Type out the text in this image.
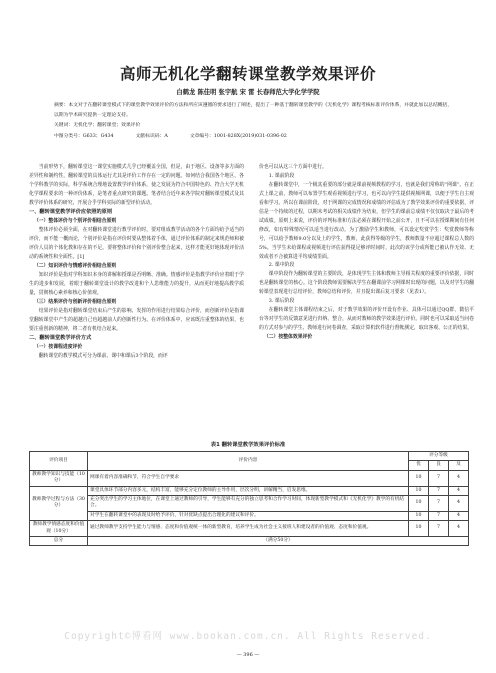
高师无机化学翻转课堂教学效果评价
白鹤龙 陈佳明 张宇航 宋 雷 长春师范大学化学学院

摘要：本文对于在翻转课堂模式下的课堂教学效果评价的方法和所应该遵循的要求进行了阐述，提出了一种基于翻转课堂教学的《无机化学》课程考核标准评价体系，并就此加以总结概括，以期为学术研究提供一定理论支持。

关键词：无机化学；翻转课堂；效果评价

中图分类号：G633；G434	文献标识码：A	文章编号：1001-828X(2019)031-0396-02

当前形势下，翻转课堂这一课堂实施模式几乎已经覆盖全国，但是，由于地区、设备等多方面的差异性和制约性，翻转课堂的具体运行尤其是评价工作存在一定的问题。如何结合我国各个地区、各个学科教学的实际，科学系统合理地设置教学评价体系，使之发展为符合中国特色的、符合大学无机化学课程要求的一种评价体系，是笔者重点研究的课题。笔者结合近年来各学院对翻转课堂模式及其教学评价体系的研究，开展合乎学科实际的新型评价活动。

一、翻转课堂教学评价应依照的原则
（一）整体评价与个别评价相结合原则

整体评价必须全面，在对翻转课堂进行教学评价时，要对组成教学活动的各个方面均给予适当的评价，而不能一概而论，个别评价是指在评价时要从整体着手体，通过评价体系的制定来规范师和被评价人员的个体化教和存在的不足。要将整体评价和个别评价整合起来，这样才能更好地体现评价活动的系统性和全面性。[1]

（二）知识评价与情感评价相结合原则

知识评价是指对学科知识本身的讲解和授课是否明晰、准确。情感评价是指教学评价应着眼于学生的进步和发展，着眼于翻转课堂设计的教学改进和个人思维能力的提升，从而更好地提高教学质量，贯彻核心素养和核心价值观。

（三）结果评价与创新评价相结合原则

结果评价是指对翻转课堂结束后产生的影响、发挥的作用进行结果综合评价，而创新评价是指课堂翻转课堂中产生的超越自己也超越前人的创新性行为。在评价体系中，应该既注重整体的结果，也要注重创新的精神，将二者有机结合起来。

二、翻转课堂教学评价方式
（一）按课程进度评价

翻转课堂的教学模式可分为课前、课中和课后3个阶段，而评

价也可以从这三个方面中进行。

1. 课前阶段

在翻转课堂中，一个极其重要的部分就是课前视频教程的学习，也就是我们常称的“网课”。在正式上课之前，教师可以布置学生观看视频进行学习，也可以向学生提供视频网课，以便于学生自主观看和学习。所以在课前阶段，对于网课的完成情况和成绩的评估成为了教学效果评价的重要依据，评估是一个持续的过程，以期末考试的相关成绩作为结束，但学生的课前总成绩不仅仅取决于最后的考试成绩。原则上来说，评价的评判标准和方法必须在课程开始之前公开，且不可以在授课期间有任何修改，如有特殊情况可以适当进行改动。为了激励学生和教师，可以设定奖赏学生：奖赏教师等称号，可以给予教师9.0分以及上的学生，教师，此获得等级的学生，教师数量不应超过课程总人数的5%。当学生未给课程或视频进行评估获得提足够评时间时，此次的该学分或所能已被认作无效、无效或者不合被算进平均成绩里面。

2. 课中阶段

课中阶段作为翻转课堂的主要阶段，是体现学生主体和教师主导相关程度的重要评价依据，同时也是翻转课堂的核心。这个阶段教师需要解决学生在翻课前学习网课时出现的问题，以及对学生的翻转课堂表现进行总结评价，教师总结和评价，并且提出课后复习要求（见表1）。

3. 课后阶段

在翻转课堂主体课程结束之后，对于教学效果的评价开设有作业、具体可以通过QQ群、微信平台等对学生的反馈意见进行归纳、整合，从而对教师的教学效果进行评价。同时也可以采取适当问卷的方式对参与的学生、教师进行问卷调查，采取计算机软件进行督帐测定，取出客观、公正的结果。

（二）按整体效果评价
表1 翻转课堂教学效果评价标准
评价项目	评价内容	评分等级		
		优	良	及
教师教学知识与技能（10分）	网课有着内容准确和节，符合学生自学要求	10	7	4
教师教学过程与方法（30分）	课堂具体环节部分内容多元，结构丰富，能够充分定位教师的主导作用，层次分明，讲解精当，启发思维。	10	7	4
	充分突出学生的学习主体地位，在课堂上通过教师的引导，学生能够有充分的独立思考和合作学习时间，体现新型教学模式和《无机化学》教学的有机结合。	10	7	4
	对学生在翻转课堂中的表现及时给予评价，针对优缺点提出合理化的建议和评价。	10	7	4
教师教学情感态度和价值观（10分）	通过教师教学支持学生能力与情感、态度和价值观统一体的新型教育，培养学生成为社会主义接班人和建设者的价值观、态度和价值观。	10	7	4
总分	（满分50分）			
Copyright©博看网 www.bookan.com.cn. All Rights Reserved.
— 396 —
